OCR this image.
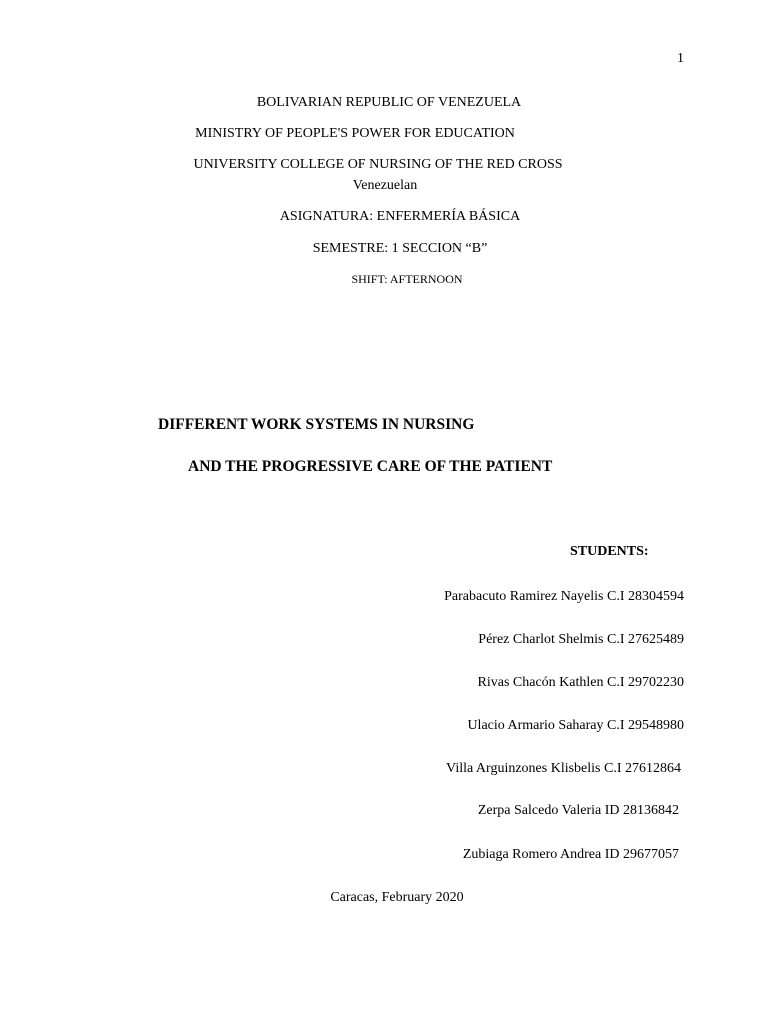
1
BOLIVARIAN REPUBLIC OF VENEZUELA
MINISTRY OF PEOPLE'S POWER FOR EDUCATION
UNIVERSITY COLLEGE OF NURSING OF THE RED CROSS
Venezuelan
ASIGNATURA: ENFERMERÍA BÁSICA
SEMESTRE: 1 SECCION “B”
SHIFT: AFTERNOON
DIFFERENT WORK SYSTEMS IN NURSING
AND THE PROGRESSIVE CARE OF THE PATIENT
STUDENTS:
Parabacuto Ramirez Nayelis C.I 28304594
Pérez Charlot Shelmis C.I 27625489
Rivas Chacón Kathlen C.I 29702230
Ulacio Armario Saharay C.I 29548980
Villa Arguinzones Klisbelis C.I 27612864
Zerpa Salcedo Valeria ID 28136842
Zubiaga Romero Andrea ID 29677057
Caracas, February 2020
